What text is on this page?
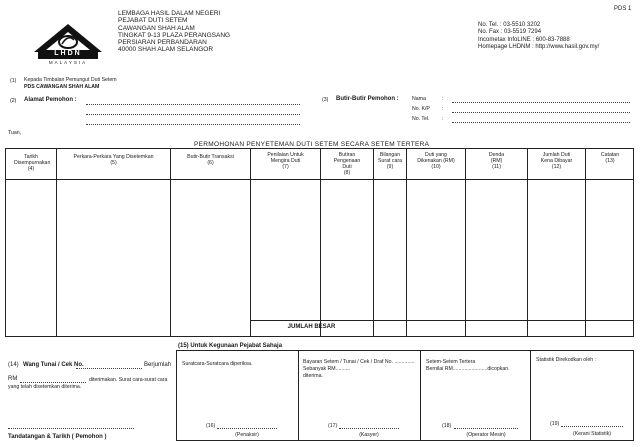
PDS 1
LHDN
MALAYSIA
LEMBAGA HASIL DALAM NEGERI
PEJABAT DUTI SETEM
CAWANGAN SHAH ALAM
TINGKAT 9-13 PLAZA PERANGSANG
PERSIARAN PERBANDARAN
40000 SHAH ALAM SELANGOR
No. Tel. : 03-5510 3202
No. Fax : 03-5519 7294
Incometax InfoLINE : 600-83-7888
Homepage LHDNM : http://www.hasil.gov.my/
(1) Kepada Timbalan Pemungut Duti Setem
PDS CAWANGAN SHAH ALAM
(2) Alamat Pemohon :	(3) Butir-Butir Pemohon :	Nama
No. K/P
No. Tel.
:
:
:
Tuan,
PERMOHONAN PENYETEMAN DUTI SETEM SECARA SETEM TERTERA
Tarikh Disempurnakan
(4)
Perkara-Perkara Yang Disetemkan
(5)
Butir-Butir Transaksi
(6)
Penilaian Untuk Mengira Duti
(7)
Butiran Pengenaan Duti
(8)
Bilangan Surat cara
(9)
Duti yang Dikenakan (RM)
(10)
Denda (RM)
(11)
Jumlah Duti Kena Dibayar
(12)
Catatan
(13)
JUMLAH BESAR
(14) Wang Tunai / Cek No.	Berjumlah
RM	diterimakan. Surat cara-surat cara
yang telah disetemkan diterima.
Tandatangan & Tarikh ( Pemohon )
(15) Untuk Kegunaan Pejabat Sahaja
Suratcara-Suratcara diperiksa.
(16)
(Penaksir)
Bayaran Setem / Tunai / Cek / Draf No. .............. Sebanyak RM..........
diterima.
(17)
(Kasyer)
Setem-Setem Tertera
Bernilai RM........................dicopkan.
(18)
(Operator Mesin)
Statistik Direkodkan oleh :
(19)
(Kerani Statistik)
